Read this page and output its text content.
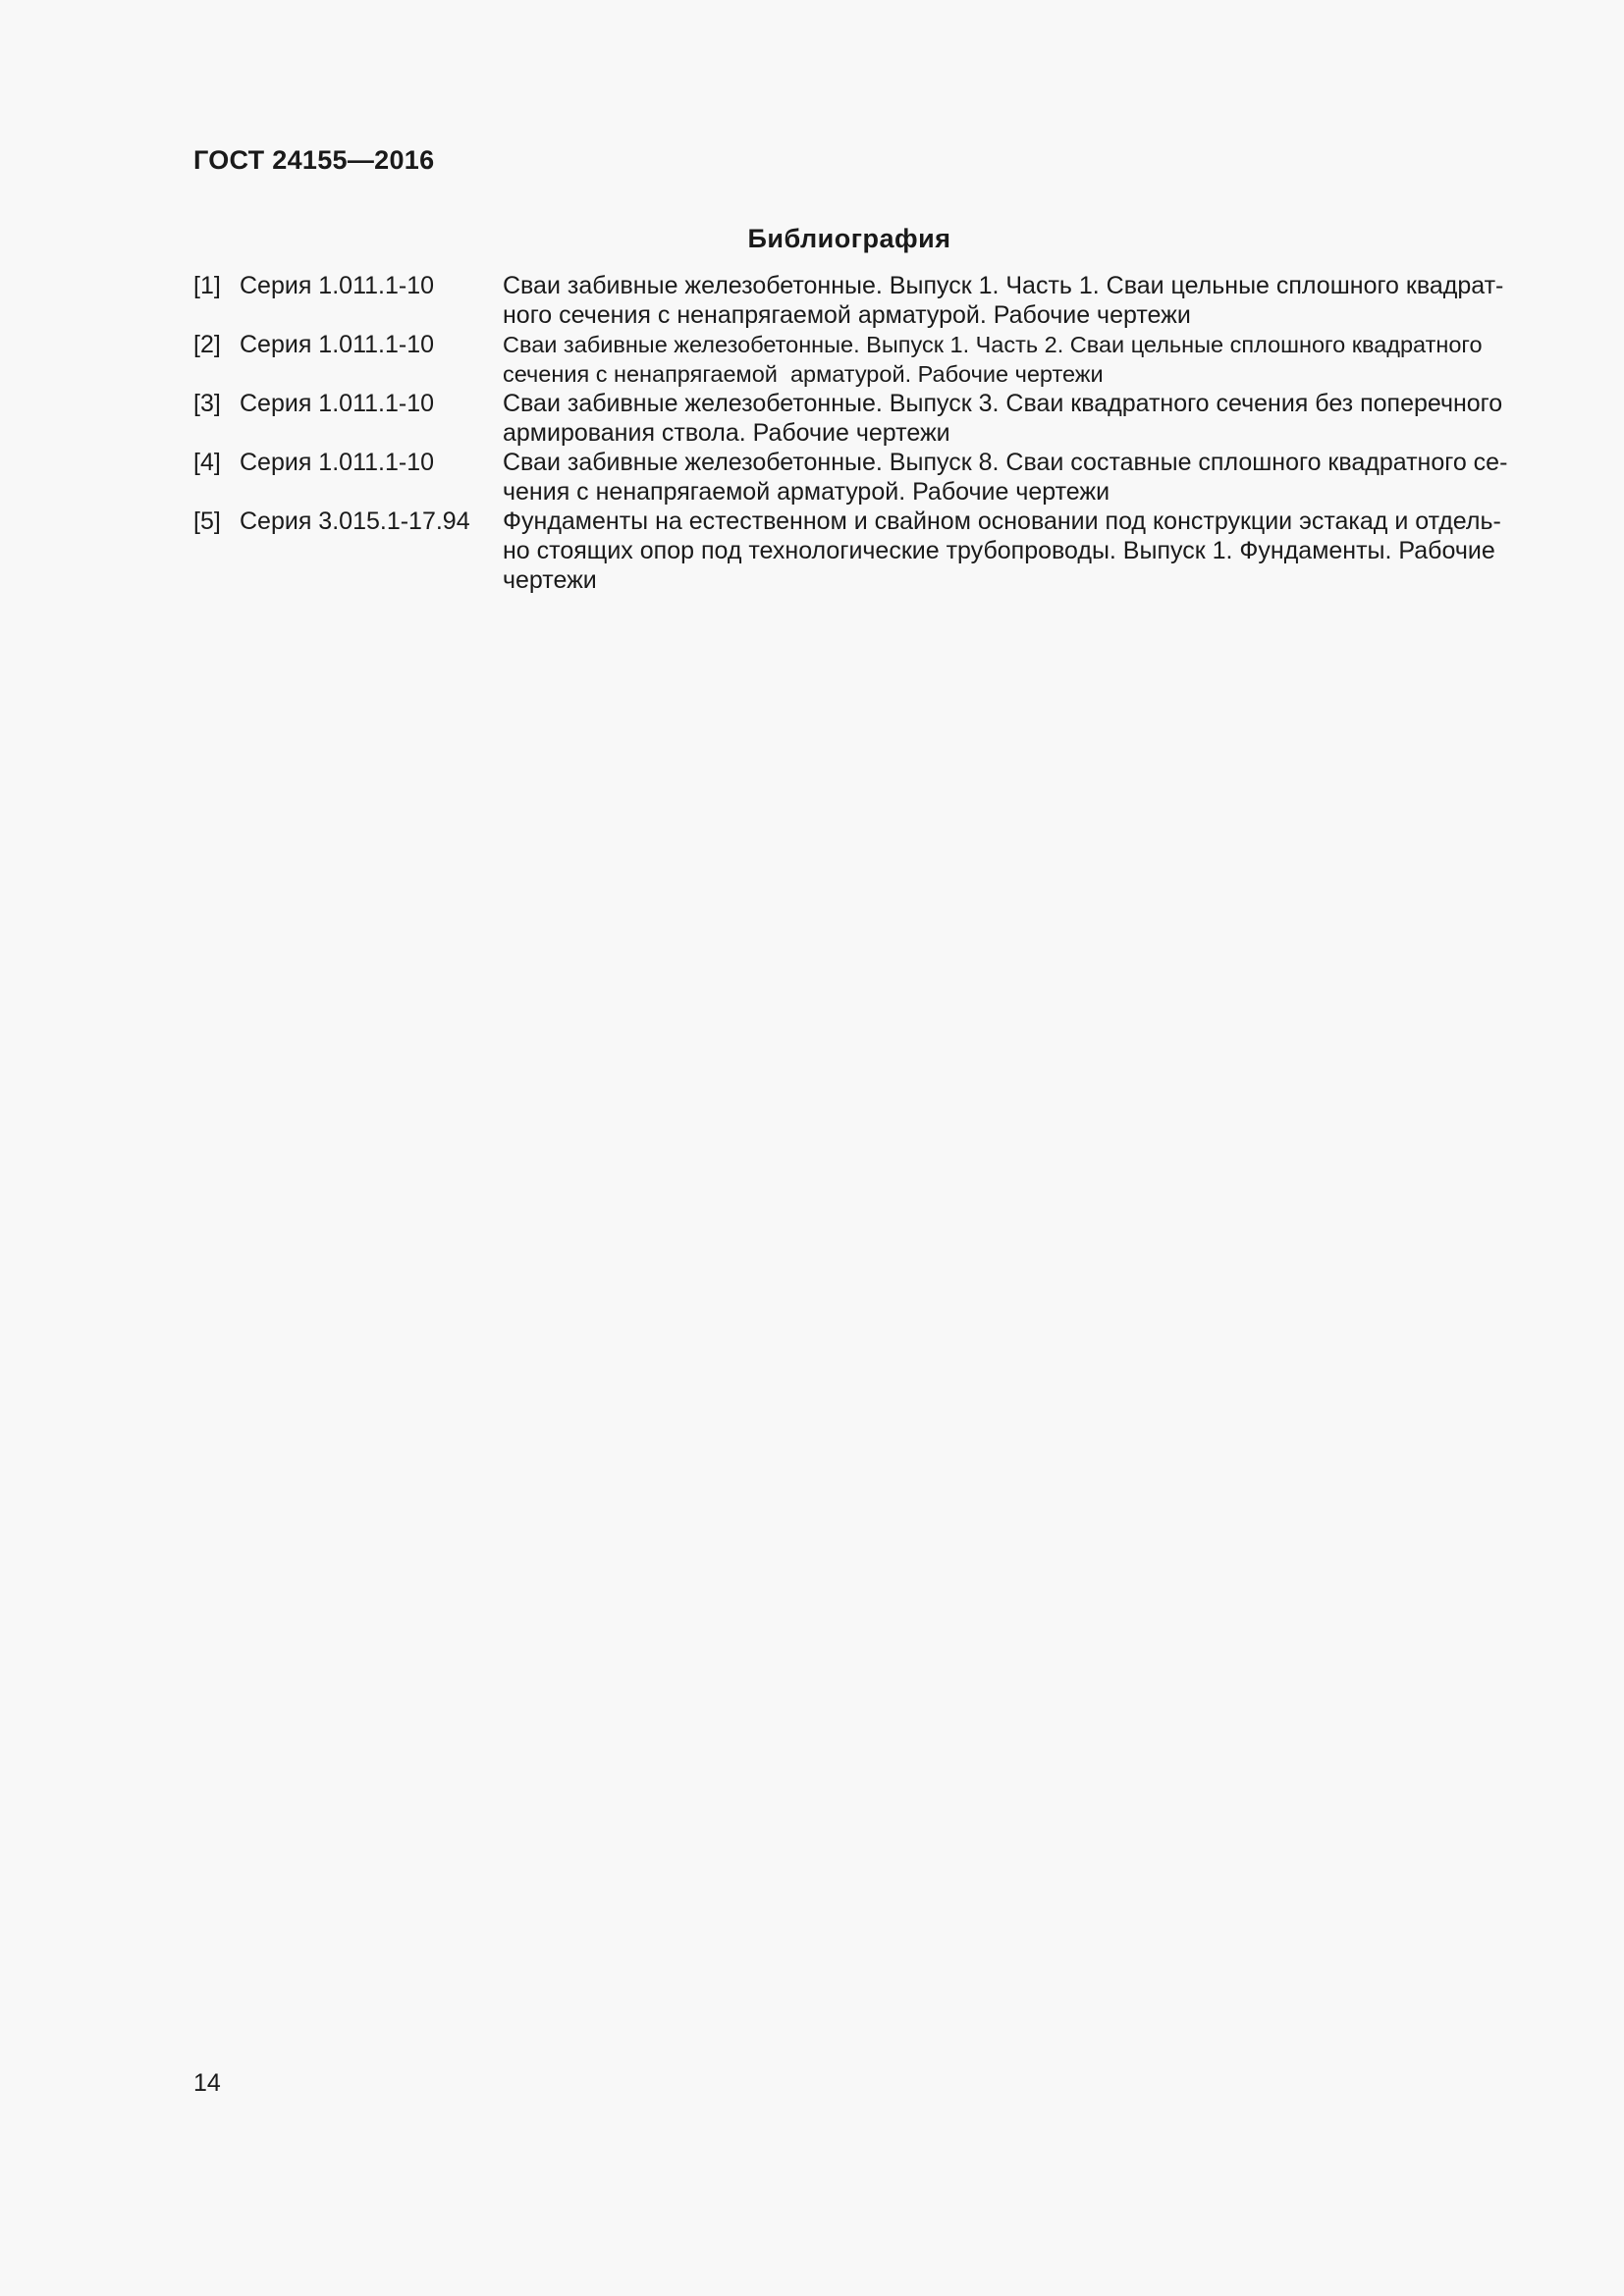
ГОСТ 24155—2016
Библиография
[1] Серия 1.011.1-10	Сваи забивные железобетонные. Выпуск 1. Часть 1. Сваи цельные сплошного квадрат-
ного сечения с ненапрягаемой арматурой. Рабочие чертежи
[2] Серия 1.011.1-10	Сваи забивные железобетонные. Выпуск 1. Часть 2. Сваи цельные сплошного квадратного
сечения с ненапрягаемой  арматурой. Рабочие чертежи
[3] Серия 1.011.1-10	Сваи забивные железобетонные. Выпуск 3. Сваи квадратного сечения без поперечного
армирования ствола. Рабочие чертежи
[4] Серия 1.011.1-10	Сваи забивные железобетонные. Выпуск 8. Сваи составные сплошного квадратного се-
чения с ненапрягаемой арматурой. Рабочие чертежи
[5] Серия 3.015.1-17.94	Фундаменты на естественном и свайном основании под конструкции эстакад и отдель-
но стоящих опор под технологические трубопроводы. Выпуск 1. Фундаменты. Рабочие
чертежи
14
